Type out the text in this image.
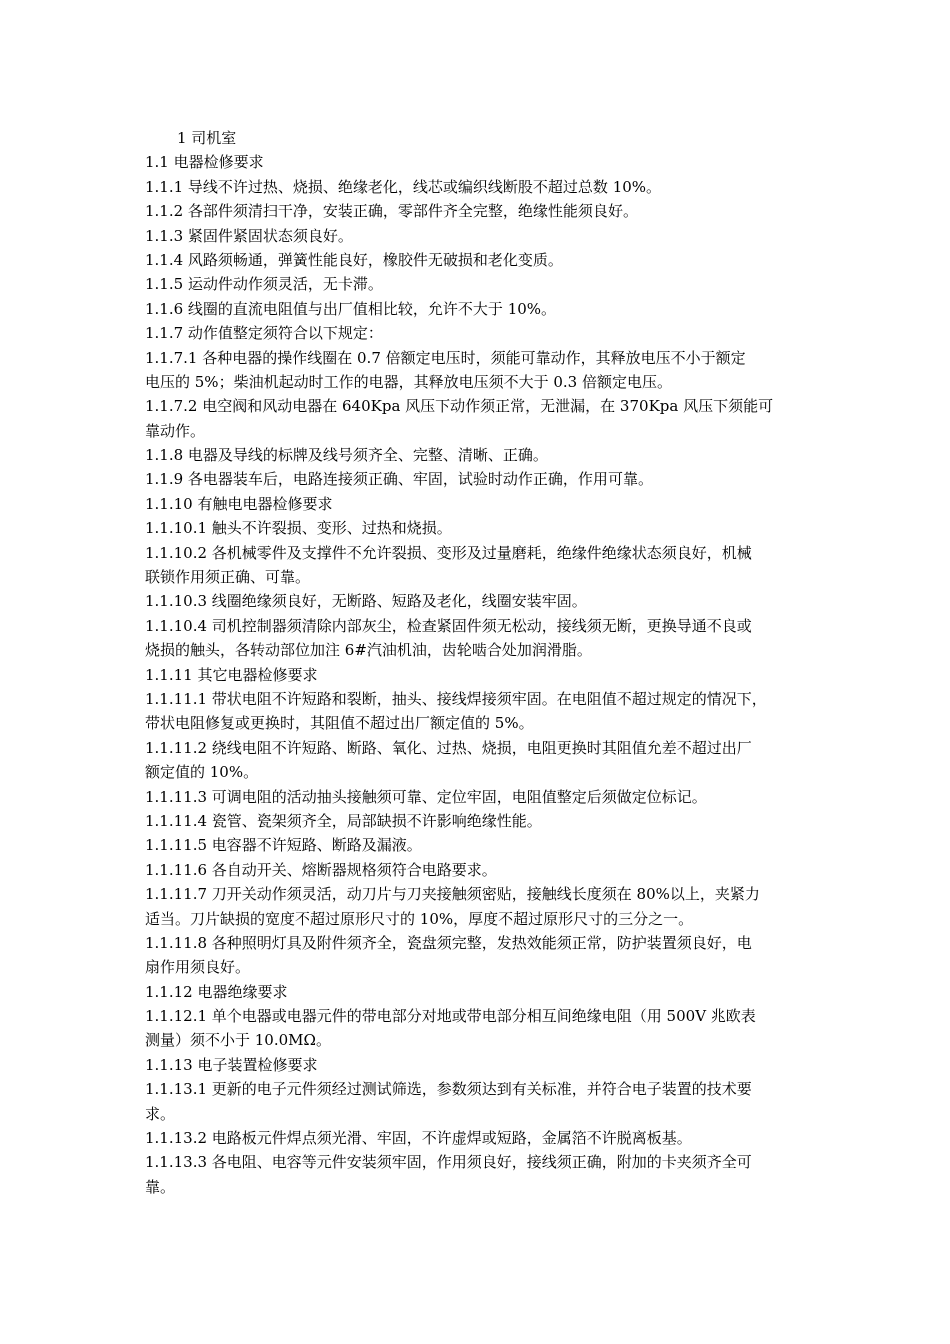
1 司机室
1.1 电器检修要求
1.1.1 导线不许过热、烧损、绝缘老化，线芯或编织线断股不超过总数 10%。
1.1.2 各部件须清扫干净，安装正确，零部件齐全完整，绝缘性能须良好。
1.1.3 紧固件紧固状态须良好。
1.1.4 风路须畅通，弹簧性能良好，橡胶件无破损和老化变质。
1.1.5 运动件动作须灵活，无卡滞。
1.1.6 线圈的直流电阻值与出厂值相比较，允许不大于 10%。
1.1.7 动作值整定须符合以下规定：
1.1.7.1 各种电器的操作线圈在 0.7 倍额定电压时，须能可靠动作，其释放电压不小于额定
电压的 5%；柴油机起动时工作的电器，其释放电压须不大于 0.3 倍额定电压。
1.1.7.2 电空阀和风动电器在 640Kpa 风压下动作须正常，无泄漏，在 370Kpa 风压下须能可
靠动作。
1.1.8 电器及导线的标牌及线号须齐全、完整、清晰、正确。
1.1.9 各电器装车后，电路连接须正确、牢固，试验时动作正确，作用可靠。
1.1.10 有触电电器检修要求
1.1.10.1 触头不许裂损、变形、过热和烧损。
1.1.10.2 各机械零件及支撑件不允许裂损、变形及过量磨耗，绝缘件绝缘状态须良好，机械
联锁作用须正确、可靠。
1.1.10.3 线圈绝缘须良好，无断路、短路及老化，线圈安装牢固。
1.1.10.4 司机控制器须清除内部灰尘，检查紧固件须无松动，接线须无断，更换导通不良或
烧损的触头，各转动部位加注 6#汽油机油，齿轮啮合处加润滑脂。
1.1.11 其它电器检修要求
1.1.11.1 带状电阻不许短路和裂断，抽头、接线焊接须牢固。在电阻值不超过规定的情况下，
带状电阻修复或更换时，其阻值不超过出厂额定值的 5%。
1.1.11.2 绕线电阻不许短路、断路、氧化、过热、烧损，电阻更换时其阻值允差不超过出厂
额定值的 10%。
1.1.11.3 可调电阻的活动抽头接触须可靠、定位牢固，电阻值整定后须做定位标记。
1.1.11.4 瓷管、瓷架须齐全，局部缺损不许影响绝缘性能。
1.1.11.5 电容器不许短路、断路及漏液。
1.1.11.6 各自动开关、熔断器规格须符合电路要求。
1.1.11.7 刀开关动作须灵活，动刀片与刀夹接触须密贴，接触线长度须在 80%以上，夹紧力
适当。刀片缺损的宽度不超过原形尺寸的 10%，厚度不超过原形尺寸的三分之一。
1.1.11.8 各种照明灯具及附件须齐全，瓷盘须完整，发热效能须正常，防护装置须良好，电
扇作用须良好。
1.1.12 电器绝缘要求
1.1.12.1 单个电器或电器元件的带电部分对地或带电部分相互间绝缘电阻（用 500V 兆欧表
测量）须不小于 10.0MΩ。
1.1.13 电子装置检修要求
1.1.13.1 更新的电子元件须经过测试筛选，参数须达到有关标准，并符合电子装置的技术要
求。
1.1.13.2 电路板元件焊点须光滑、牢固，不许虚焊或短路，金属箔不许脱离板基。
1.1.13.3 各电阻、电容等元件安装须牢固，作用须良好，接线须正确，附加的卡夹须齐全可
靠。
